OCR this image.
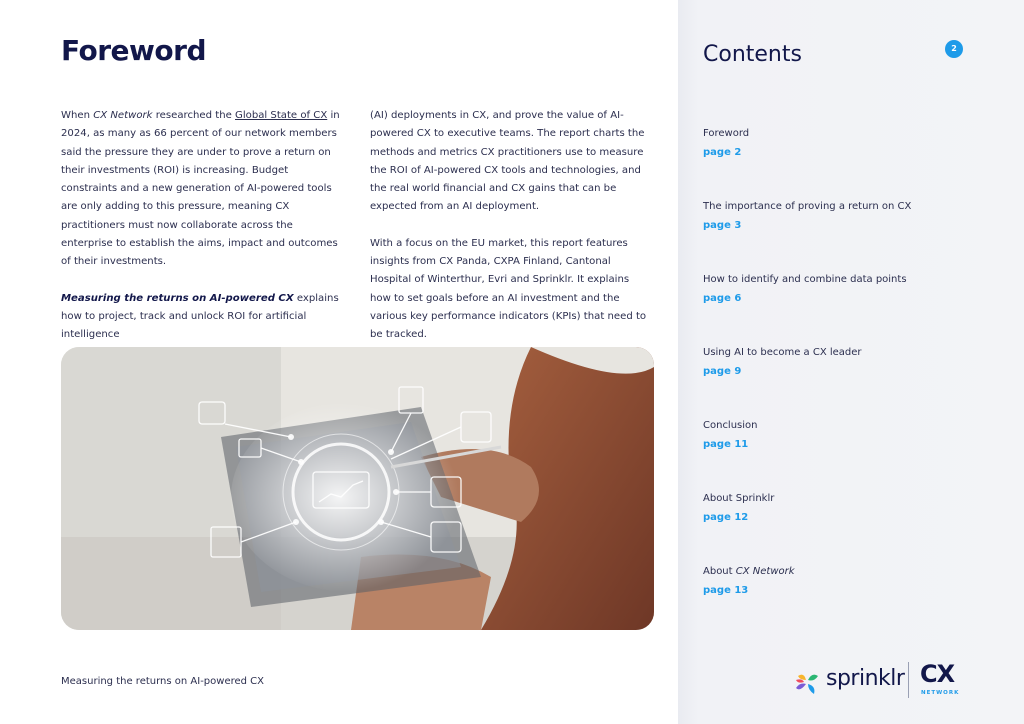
Foreword

When CX Network researched the Global State of CX in 2024, as many as 66 percent of our network members said the pressure they are under to prove a return on their investments (ROI) is increasing. Budget constraints and a new generation of AI-powered tools are only adding to this pressure, meaning CX practitioners must now collaborate across the enterprise to establish the aims, impact and outcomes of their investments.

Measuring the returns on AI-powered CX explains how to project, track and unlock ROI for artificial intelligence

(AI) deployments in CX, and prove the value of AI-powered CX to executive teams. The report charts the methods and metrics CX practitioners use to measure the ROI of AI-powered CX tools and technologies, and the real world financial and CX gains that can be expected from an AI deployment.

With a focus on the EU market, this report features insights from CX Panda, CXPA Finland, Cantonal Hospital of Winterthur, Evri and Sprinklr. It explains how to set goals before an AI investment and the various key performance indicators (KPIs) that need to be tracked.

Measuring the returns on AI-powered CX
Contents	2
Foreword
page 2
The importance of proving a return on CX
page 3
How to identify and combine data points
page 6
Using AI to become a CX leader
page 9
Conclusion
page 11
About Sprinklr
page 12
About CX Network
page 13
sprinklr CX
NETWORK
